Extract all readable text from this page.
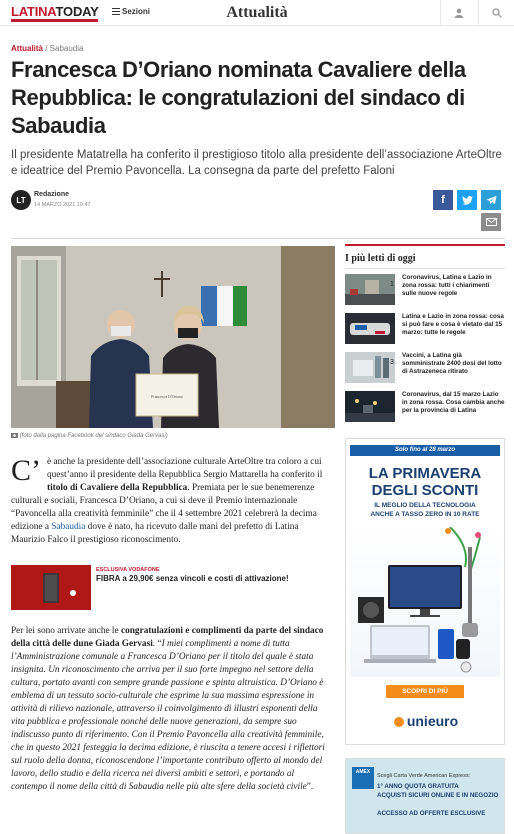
LATINATODAY	Sezioni	Attualità
Attualità / Sabaudia
Francesca D’Oriano nominata Cavaliere della Repubblica: le congratulazioni del sindaco di Sabaudia
Il presidente Matatrella ha conferito il prestigioso titolo alla presidente dell’associazione ArteOltre e ideatrice del Premio Pavoncella. La consegna da parte del prefetto Faloni
LT
Redazione
14 MARZO 2021 10:47	f
Francesca D'Oriano
(foto dalla pagina Facebook del sindaco Giada Gervasi)
C’ è anche la presidente dell’associazione culturale ArteOltre tra coloro a cui quest’anno il presidente della Repubblica Sergio Mattarella ha conferito il titolo di Cavaliere della Repubblica. Premiata per le sue benemerenze culturali e sociali, Francesca D’Oriano, a cui si deve il Premio internazionale “Pavoncella alla creatività femminile” che il 4 settembre 2021 celebrerà la decima edizione a Sabaudia dove è nato, ha ricevuto dalle mani del prefetto di Latina Maurizio Falco il prestigioso riconoscimento.
ESCLUSIVA VODAFONE
FIBRA a 29,90€ senza vincoli e costi di attivazione!
Per lei sono arrivate anche le congratulazioni e complimenti da parte del sindaco della città delle dune Giada Gervasi. “I miei complimenti a nome di tutta l’Amministrazione comunale a Francesca D’Oriano per il titolo del quale è stata insignita. Un riconoscimento che arriva per il suo forte impegno nel settore della cultura, portato avanti con sempre grande passione e spinta altruistica. D’Oriano è emblema di un tessuto socio-culturale che esprime la sua massima espressione in attività di rilievo nazionale, attraverso il coinvolgimento di illustri esponenti della vita pubblica e professionale nonché delle nuove generazioni, da sempre suo indiscusso punto di riferimento. Con il Premio Pavoncella alla creatività femminile, che in questo 2021 festeggia la decima edizione, è riuscita a tenere accesi i riflettori sul ruolo della donna, riconoscendone l’importante contributo offerto al mondo del lavoro, dello studio e della ricerca nei diversi ambiti e settori, e portando al contempo il nome della città di Sabaudia nelle più alte sfere della società civile”.
I più letti di oggi
1
Coronavirus, Latina e Lazio in zona rossa: tutti i chiarimenti sulle nuove regole
2
Latina e Lazio in zona rossa: cosa si può fare e cosa è vietato dal 15 marzo: tutte le regole
3
Vaccini, a Latina già somministrate 2400 dosi del lotto di Astrazeneca ritirato
4
Coronavirus, dal 15 marzo Lazio in zona rossa. Cosa cambia anche per la provincia di Latina
Solo fino al 28 marzo
LA PRIMAVERA
DEGLI SCONTI
IL MEGLIO DELLA TECNOLOGIA
ANCHE A TASSO ZERO IN 10 RATE
SCOPRI DI PIÙ
unieuro
AMEX
Scegli Carta Verde American Express:
1° ANNO QUOTA GRATUITA
ACQUISTI SICURI ONLINE E IN NEGOZIO
ACCESSO AD OFFERTE ESCLUSIVE
